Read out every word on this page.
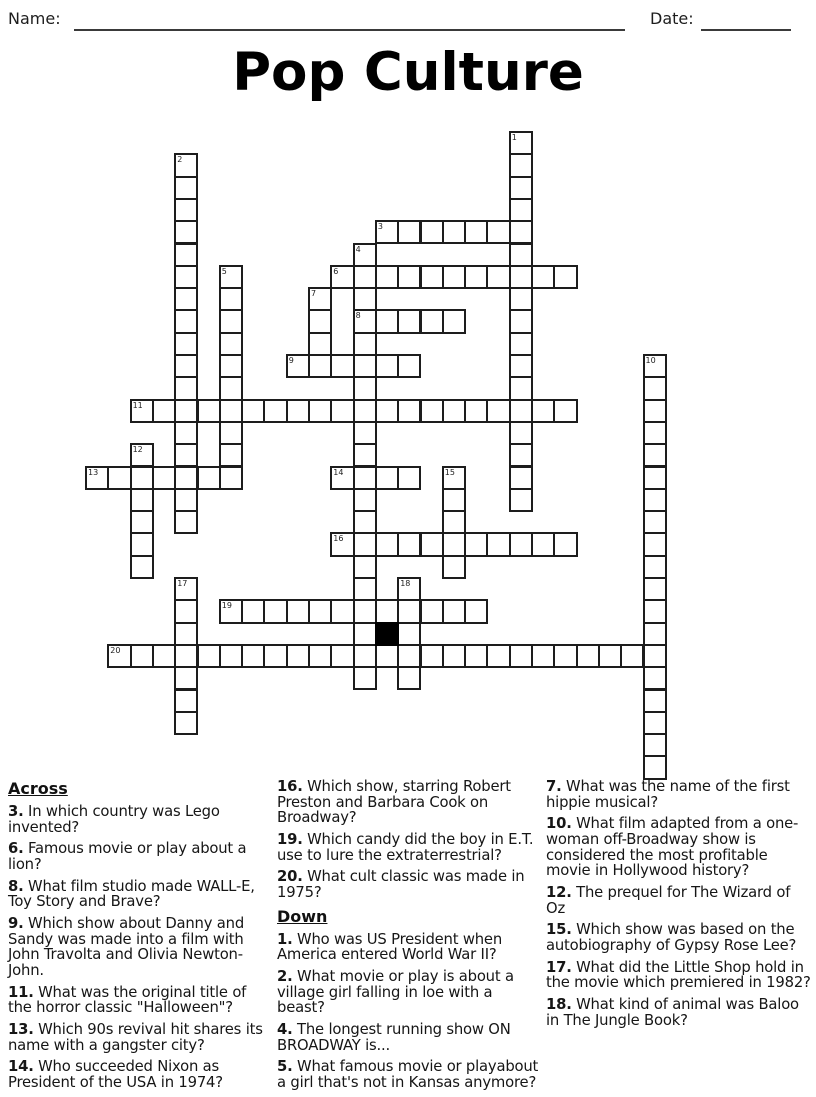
Name:	Date:
Pop Culture
3
6
8
9
11
13	14
16
19
20
1
2
4
5
7
10
12
15
17	18
Across
3. In which country was Lego invented?
6. Famous movie or play about a lion?
8. What film studio made WALL-E, Toy Story and Brave?
9. Which show about Danny and Sandy was made into a film with John Travolta and Olivia Newton-John.
11. What was the original title of the horror classic "Halloween"?
13. Which 90s revival hit shares its name with a gangster city?
14. Who succeeded Nixon as President of the USA in 1974?
16. Which show, starring Robert Preston and Barbara Cook on Broadway?
19. Which candy did the boy in E.T. use to lure the extraterrestrial?
20. What cult classic was made in 1975?
Down
1. Who was US President when America entered World War II?
2. What movie or play is about a village girl falling in loe with a beast?
4. The longest running show ON BROADWAY is...
5. What famous movie or playabout a girl that's not in Kansas anymore?
7. What was the name of the first hippie musical?
10. What film adapted from a one-woman off-Broadway show is considered the most profitable movie in Hollywood history?
12. The prequel for The Wizard of Oz
15. Which show was based on the autobiography of Gypsy Rose Lee?
17. What did the Little Shop hold in the movie which premiered in 1982?
18. What kind of animal was Baloo in The Jungle Book?
